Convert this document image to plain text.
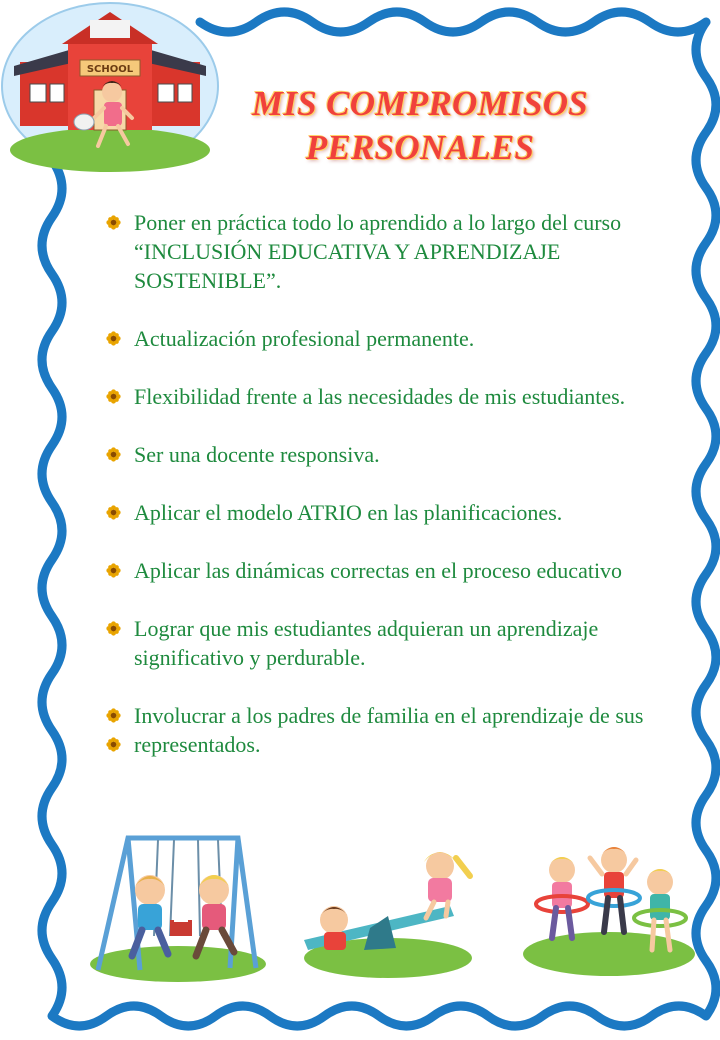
SCHOOL
MIS COMPROMISOS
PERSONALES
Poner en práctica todo lo aprendido a lo largo del curso “INCLUSIÓN EDUCATIVA Y APRENDIZAJE SOSTENIBLE”.
Actualización profesional permanente.
Flexibilidad frente a las necesidades de mis estudiantes.
Ser una docente responsiva.
Aplicar el modelo ATRIO en las planificaciones.
Aplicar las dinámicas correctas en el proceso educativo
Lograr que mis estudiantes adquieran un aprendizaje significativo y perdurable.
Involucrar a los padres de familia en el aprendizaje de sus representados.
